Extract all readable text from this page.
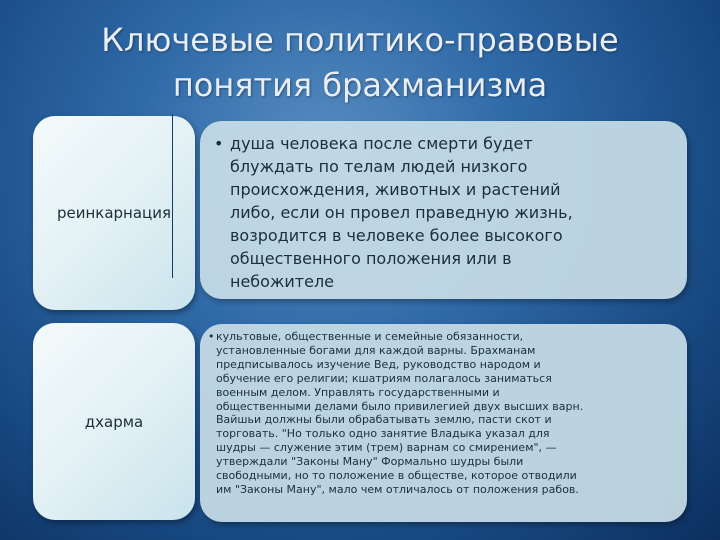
Ключевые политико-правовые
понятия брахманизма
реинкарнация
• душа человека после смерти будет
блуждать по телам людей низкого
происхождения, животных и растений
либо, если он провел праведную жизнь,
возродится в человеке более высокого
общественного положения или в
небожителе
дхарма
• культовые, общественные и семейные обязанности,
установленные богами для каждой варны. Брахманам
предписывалось изучение Вед, руководство народом и
обучение его религии; кшатриям полагалось заниматься
военным делом. Управлять государственными и
общественными делами было привилегией двух высших варн.
Вайшьи должны были обрабатывать землю, пасти скот и
торговать. "Но только одно занятие Владыка указал для
шудры — служение этим (трем) варнам со смирением", —
утверждали "Законы Ману" Формально шудры были
свободными, но то положение в обществе, которое отводили
им "Законы Ману", мало чем отличалось от положения рабов.
2
